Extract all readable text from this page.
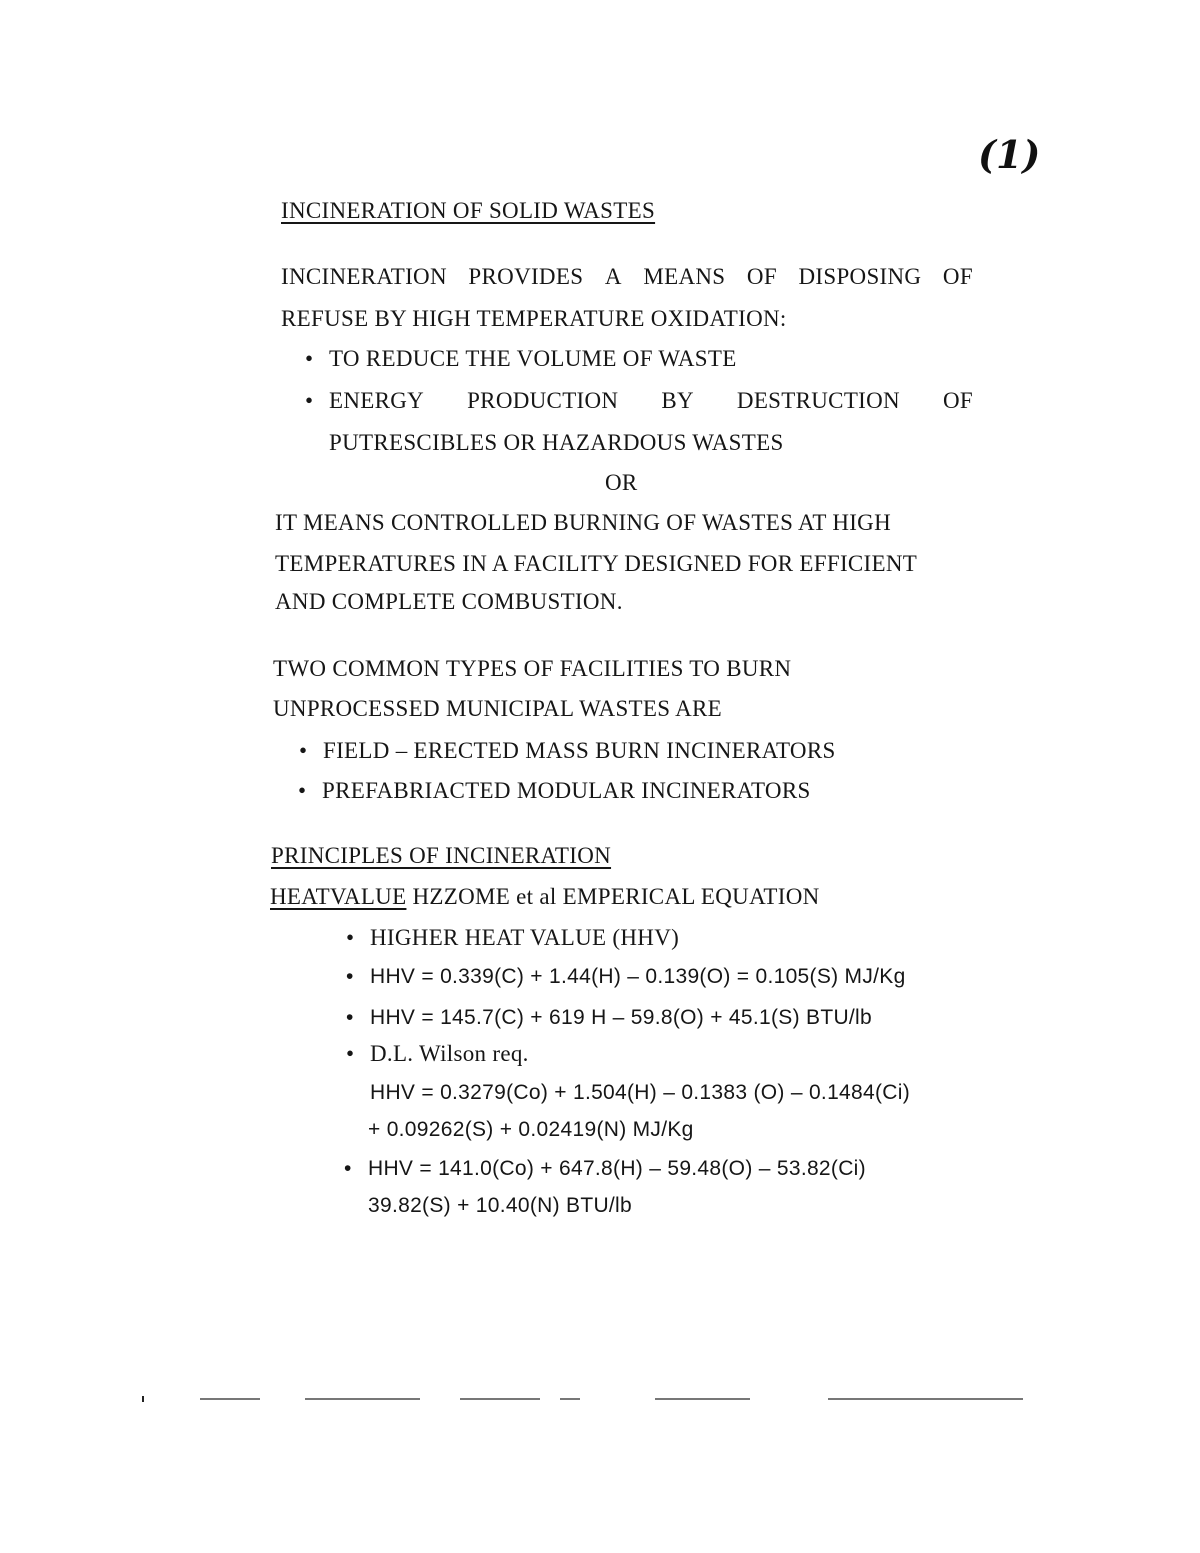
(1)
INCINERATION OF SOLID WASTES
INCINERATION PROVIDES A MEANS OF DISPOSING OF
REFUSE BY HIGH TEMPERATURE OXIDATION:
• TO REDUCE THE VOLUME OF WASTE
• ENERGY PRODUCTION BY DESTRUCTION OF
PUTRESCIBLES OR HAZARDOUS WASTES
OR
IT MEANS CONTROLLED BURNING OF WASTES AT HIGH
TEMPERATURES IN A FACILITY DESIGNED FOR EFFICIENT
AND COMPLETE COMBUSTION.
TWO COMMON TYPES OF FACILITIES TO BURN
UNPROCESSED MUNICIPAL WASTES ARE
• FIELD – ERECTED MASS BURN INCINERATORS
• PREFABRIACTED MODULAR INCINERATORS
PRINCIPLES OF INCINERATION
HEATVALUE HZZOME et al EMPERICAL EQUATION
• HIGHER HEAT VALUE (HHV)
• HHV = 0.339(C) + 1.44(H) – 0.139(O) = 0.105(S) MJ/Kg
• HHV = 145.7(C) + 619 H – 59.8(O) + 45.1(S) BTU/lb
• D.L. Wilson req.
HHV = 0.3279(Co) + 1.504(H) – 0.1383 (O) – 0.1484(Ci)
+ 0.09262(S) + 0.02419(N) MJ/Kg
• HHV = 141.0(Co) + 647.8(H) – 59.48(O) – 53.82(Ci)
39.82(S) + 10.40(N) BTU/lb
